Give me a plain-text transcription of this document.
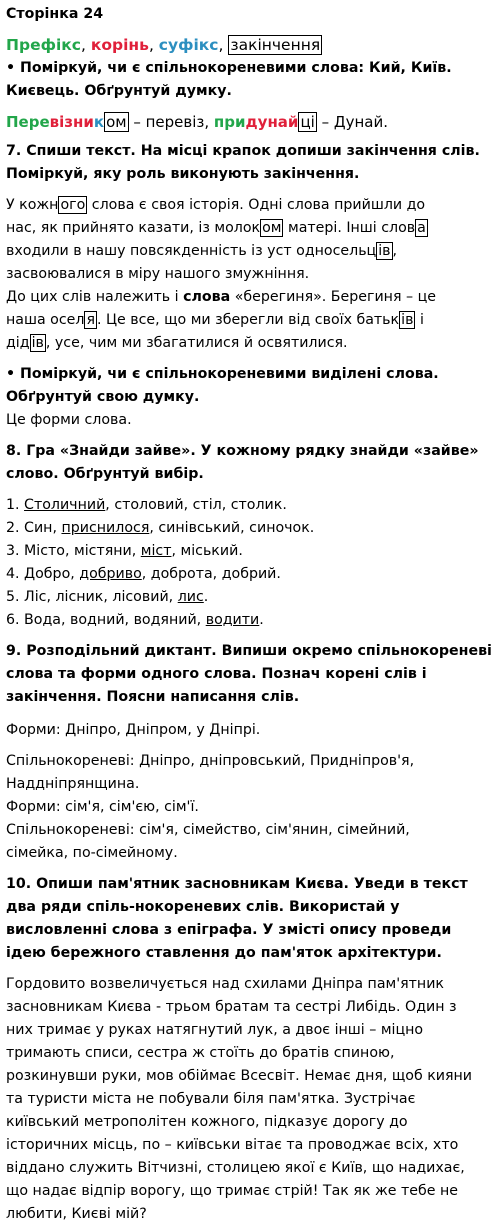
Сторінка 24
Префікс, корінь, суфікс, закінчення
• Поміркуй, чи є спільнокореневими слова: Кий, Київ.
Києвець. Обґрунтуй думку.
Перевізник ом – перевіз, придунай ці – Дунай.
7. Спиши текст. На місці крапок допиши закінчення слів.
Поміркуй, яку роль виконують закінчення.
У кожн ого слова є своя історія. Одні слова прийшли до
нас, як прийнято казати, із молок ом матері. Інші слов а
входили в нашу повсякденність із уст односельц ів ,
засвоювалися в міру нашого змужніння.
До цих слів належить і слова «берегиня». Берегиня – це
наша осел я . Це все, що ми зберегли від своїх батьк ів і
дід ів , усе, чим ми збагатилися й освятилися.
• Поміркуй, чи є спільнокореневими виділені слова.
Обґрунтуй свою думку.
Це форми слова.
8. Гра «Знайди зайве». У кожному рядку знайди «зайве»
слово. Обґрунтуй вибір.
1. Столичний, столовий, стіл, столик.
2. Син, приснилося, синівський, синочок.
3. Місто, містяни, міст, міський.
4. Добро, добриво, доброта, добрий.
5. Ліс, лісник, лісовий, лис.
6. Вода, водний, водяний, водити.
9. Розподільний диктант. Випиши окремо спільнокореневі
слова та форми одного слова. Познач корені слів і
закінчення. Поясни написання слів.
Форми: Дніпро, Дніпром, у Дніпрі.
Спільнокореневі: Дніпро, дніпровський, Придніпров'я,
Наддніпрянщина.
Форми: сім'я, сім'єю, сім'ї.
Спільнокореневі: сім'я, сімейство, сім'янин, сімейний,
сімейка, по-сімейному.
10. Опиши пам'ятник засновникам Києва. Уведи в текст
два ряди спіль-нокореневих слів. Використай у
висловленні слова з епіграфа. У змісті опису проведи
ідею бережного ставлення до пам'яток архітектури.
Гордовито возвеличується над схилами Дніпра пам'ятник
засновникам Києва - трьом братам та сестрі Либідь. Один з
них тримає у руках натягнутий лук, а двоє інші – міцно
тримають списи, сестра ж стоїть до братів спиною,
розкинувши руки, мов обіймає Всесвіт. Немає дня, щоб кияни
та туристи міста не побували біля пам'ятка. Зустрічає
київський метрополітен кожного, підказує дорогу до
історичних місць, по – київськи вітає та проводжає всіх, хто
віддано служить Вітчизні, столицею якої є Київ, що надихає,
що надає відпір ворогу, що тримає стрій! Так як же тебе не
любити, Києві мій?
